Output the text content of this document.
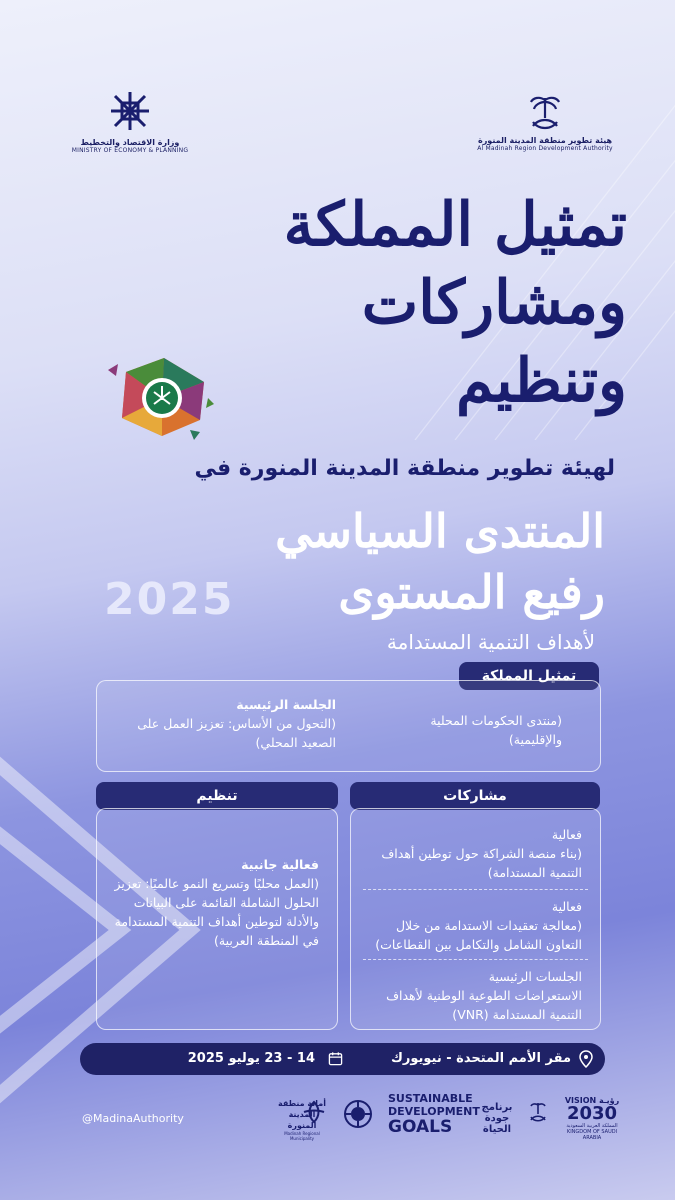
وزارة الاقتصاد والتخطيط
MINISTRY OF ECONOMY & PLANNING
هيئة تطوير منطقة المدينة المنورة
Al Madinah Region Development Authority
تمثيل المملكة
ومشاركات
وتنظيم
لهيئة تطوير منطقة المدينة المنورة في
المنتدى السياسي
رفيع المستوى
2025
لأهداف التنمية المستدامة
تمثيل المملكة
(منتدى الحكومات المحلية والإقليمية)
الجلسة الرئيسية
(التحول من الأساس: تعزيز العمل على الصعيد المحلي)
مشاركات
فعالية
(بناء منصة الشراكة حول توطين أهداف التنمية المستدامة)
فعالية
(معالجة تعقيدات الاستدامة من خلال التعاون الشامل والتكامل بين القطاعات)
الجلسات الرئيسية
الاستعراضات الطوعية الوطنية لأهداف التنمية المستدامة (VNR)
تنظيم
فعالية جانبية
(العمل محليًا وتسريع النمو عالميًا: تعزيز الحلول الشاملة القائمة على البيانات والأدلة لتوطين أهداف التنمية المستدامة في المنطقة العربية)
مقر الأمم المتحدة - نيويورك
14 - 23 يوليو 2025
@MadinaAuthority
VISION رؤيـة
2030
المملكة العربية السعودية KINGDOM OF SAUDI ARABIA
برنامج جودة الحياة
SUSTAINABLE
DEVELOPMENT
GOALS
أمانة منطقة المدينة المنورة
Madinah Regional Municipality
